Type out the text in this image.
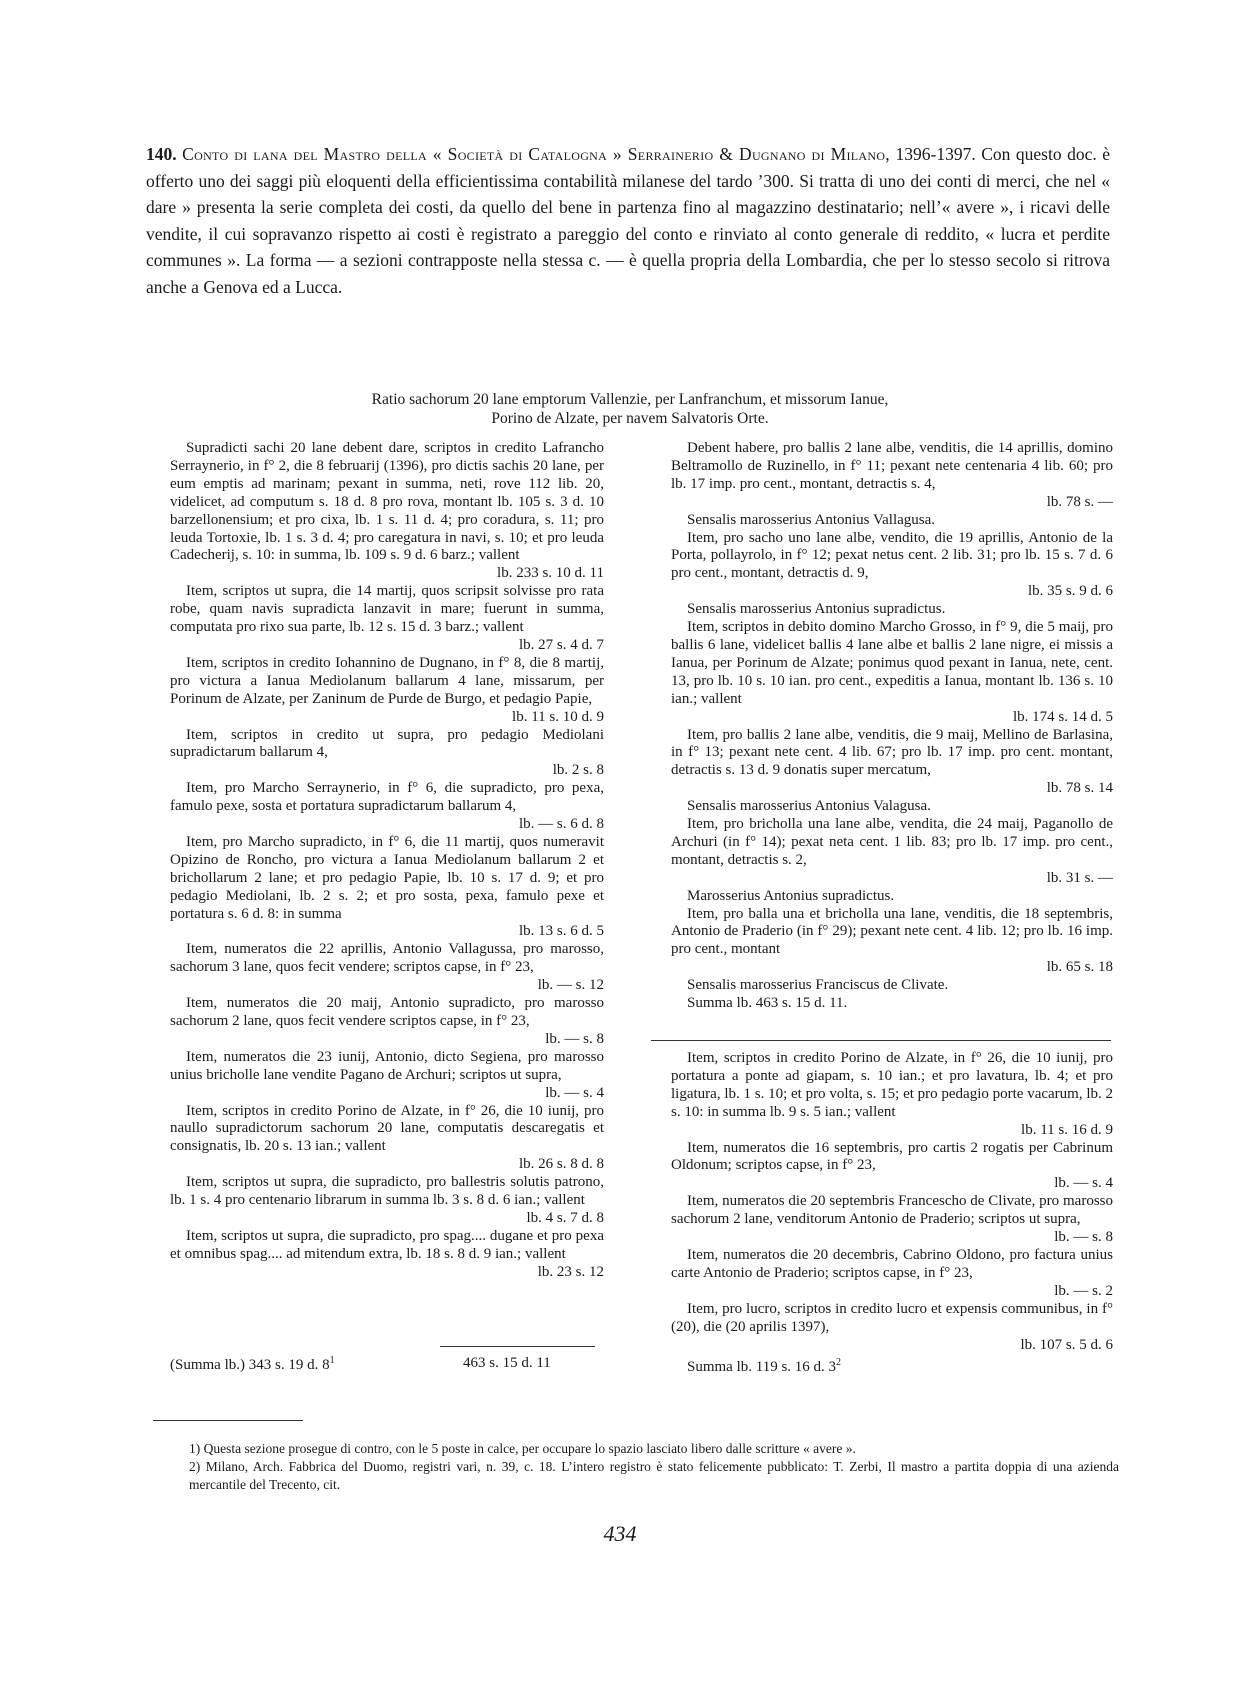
140. Conto di lana del Mastro della « Società di Catalogna » Serrainerio & Dugnano di Milano, 1396-1397. Con questo doc. è offerto uno dei saggi più eloquenti della efficientissima contabilità milanese del tardo ’300. Si tratta di uno dei conti di merci, che nel « dare » presenta la serie completa dei costi, da quello del bene in partenza fino al magazzino destinatario; nell’« avere », i ricavi delle vendite, il cui sopravanzo rispetto ai costi è registrato a pareggio del conto e rinviato al conto generale di reddito, « lucra et perdite communes ». La forma — a sezioni contrapposte nella stessa c. — è quella propria della Lombardia, che per lo stesso secolo si ritrova anche a Genova ed a Lucca.
Ratio sachorum 20 lane emptorum Vallenzie, per Lanfranchum, et missorum Ianue,
Porino de Alzate, per navem Salvatoris Orte.

Supradicti sachi 20 lane debent dare, scriptos in credito Lafrancho Serraynerio, in f° 2, die 8 februarij (1396), pro dictis sachis 20 lane, per eum emptis ad marinam; pexant in summa, neti, rove 112 lib. 20, videlicet, ad computum s. 18 d. 8 pro rova, montant lb. 105 s. 3 d. 10 barzellonensium; et pro cixa, lb. 1 s. 11 d. 4; pro coradura, s. 11; pro leuda Tortoxie, lb. 1 s. 3 d. 4; pro caregatura in navi, s. 10; et pro leuda Cadecherij, s. 10: in summa, lb. 109 s. 9 d. 6 barz.; vallent

lb. 233 s. 10 d. 11

Item, scriptos ut supra, die 14 martij, quos scripsit solvisse pro rata robe, quam navis supradicta lanzavit in mare; fuerunt in summa, computata pro rixo sua parte, lb. 12 s. 15 d. 3 barz.; vallent

lb. 27 s. 4 d. 7

Item, scriptos in credito Iohannino de Dugnano, in f° 8, die 8 martij, pro victura a Ianua Mediolanum ballarum 4 lane, missarum, per Porinum de Alzate, per Zaninum de Purde de Burgo, et pedagio Papie,

lb. 11 s. 10 d. 9

Item, scriptos in credito ut supra, pro pedagio Mediolani supradictarum ballarum 4,

lb. 2 s. 8

Item, pro Marcho Serraynerio, in f° 6, die supradicto, pro pexa, famulo pexe, sosta et portatura supradictarum ballarum 4,

lb. — s. 6 d. 8

Item, pro Marcho supradicto, in f° 6, die 11 martij, quos numeravit Opizino de Roncho, pro victura a Ianua Mediolanum ballarum 2 et brichollarum 2 lane; et pro pedagio Papie, lb. 10 s. 17 d. 9; et pro pedagio Mediolani, lb. 2 s. 2; et pro sosta, pexa, famulo pexe et portatura s. 6 d. 8: in summa

lb. 13 s. 6 d. 5

Item, numeratos die 22 aprillis, Antonio Vallagussa, pro marosso, sachorum 3 lane, quos fecit vendere; scriptos capse, in f° 23,

lb. — s. 12

Item, numeratos die 20 maij, Antonio supradicto, pro marosso sachorum 2 lane, quos fecit vendere scriptos capse, in f° 23,

lb. — s. 8

Item, numeratos die 23 iunij, Antonio, dicto Segiena, pro marosso unius bricholle lane vendite Pagano de Archuri; scriptos ut supra,

lb. — s. 4

Item, scriptos in credito Porino de Alzate, in f° 26, die 10 iunij, pro naullo supradictorum sachorum 20 lane, computatis descaregatis et consignatis, lb. 20 s. 13 ian.; vallent

lb. 26 s. 8 d. 8

Item, scriptos ut supra, die supradicto, pro ballestris solutis patrono, lb. 1 s. 4 pro centenario librarum in summa lb. 3 s. 8 d. 6 ian.; vallent

lb. 4 s. 7 d. 8

Item, scriptos ut supra, die supradicto, pro spag.... dugane et pro pexa et omnibus spag.... ad mitendum extra, lb. 18 s. 8 d. 9 ian.; vallent

lb. 23 s. 12

(Summa lb.) 343 s. 19 d. $8^1$	463 s. 15 d. 11

Debent habere, pro ballis 2 lane albe, venditis, die 14 aprillis, domino Beltramollo de Ruzinello, in f° 11; pexant nete centenaria 4 lib. 60; pro lb. 17 imp. pro cent., montant, detractis s. 4,

lb. 78 s. —

Sensalis marosserius Antonius Vallagusa.

Item, pro sacho uno lane albe, vendito, die 19 aprillis, Antonio de la Porta, pollayrolo, in f° 12; pexat netus cent. 2 lib. 31; pro lb. 15 s. 7 d. 6 pro cent., montant, detractis d. 9,

lb. 35 s. 9 d. 6

Sensalis marosserius Antonius supradictus.

Item, scriptos in debito domino Marcho Grosso, in f° 9, die 5 maij, pro ballis 6 lane, videlicet ballis 4 lane albe et ballis 2 lane nigre, ei missis a Ianua, per Porinum de Alzate; ponimus quod pexant in Ianua, nete, cent. 13, pro lb. 10 s. 10 ian. pro cent., expeditis a Ianua, montant lb. 136 s. 10 ian.; vallent

lb. 174 s. 14 d. 5

Item, pro ballis 2 lane albe, venditis, die 9 maij, Mellino de Barlasina, in f° 13; pexant nete cent. 4 lib. 67; pro lb. 17 imp. pro cent. montant, detractis s. 13 d. 9 donatis super mercatum,

lb. 78 s. 14

Sensalis marosserius Antonius Valagusa.

Item, pro bricholla una lane albe, vendita, die 24 maij, Paganollo de Archuri (in f° 14); pexat neta cent. 1 lib. 83; pro lb. 17 imp. pro cent., montant, detractis s. 2,

lb. 31 s. —

Marosserius Antonius supradictus.

Item, pro balla una et bricholla una lane, venditis, die 18 septembris, Antonio de Praderio (in f° 29); pexant nete cent. 4 lib. 12; pro lb. 16 imp. pro cent., montant

lb. 65 s. 18

Sensalis marosserius Franciscus de Clivate.

Summa lb. 463 s. 15 d. 11.

Item, scriptos in credito Porino de Alzate, in f° 26, die 10 iunij, pro portatura a ponte ad giapam, s. 10 ian.; et pro lavatura, lb. 4; et pro ligatura, lb. 1 s. 10; et pro volta, s. 15; et pro pedagio porte vacarum, lb. 2 s. 10: in summa lb. 9 s. 5 ian.; vallent

lb. 11 s. 16 d. 9

Item, numeratos die 16 septembris, pro cartis 2 rogatis per Cabrinum Oldonum; scriptos capse, in f° 23,

lb. — s. 4

Item, numeratos die 20 septembris Francescho de Clivate, pro marosso sachorum 2 lane, venditorum Antonio de Praderio; scriptos ut supra,

lb. — s. 8

Item, numeratos die 20 decembris, Cabrino Oldono, pro factura unius carte Antonio de Praderio; scriptos capse, in f° 23,

lb. — s. 2

Item, pro lucro, scriptos in credito lucro et expensis communibus, in f° (20), die (20 aprilis 1397),

lb. 107 s. 5 d. 6

Summa lb. 119 s. 16 d. $3^2$

1) Questa sezione prosegue di contro, con le 5 poste in calce, per occupare lo spazio lasciato libero dalle scritture « avere ».

2) Milano, Arch. Fabbrica del Duomo, registri vari, n. 39, c. 18. L’intero registro è stato felicemente pubblicato: T. Zerbi, Il mastro a partita doppia di una azienda mercantile del Trecento, cit.

434
